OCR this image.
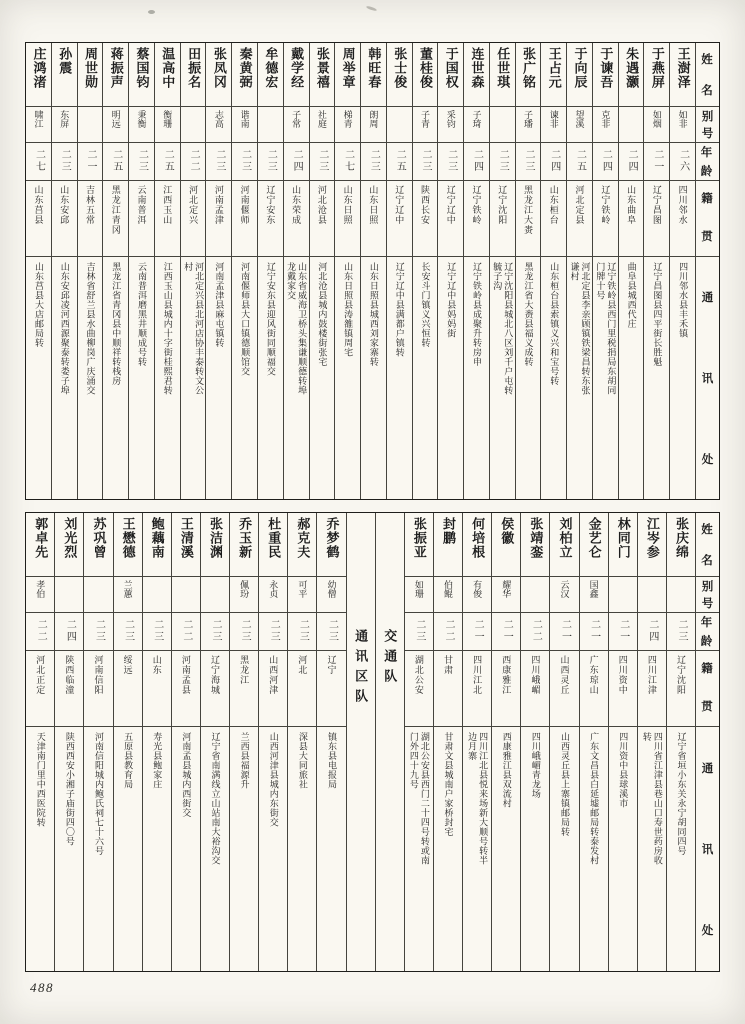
姓
名
别
号
年
龄
籍
贯
通
讯
处
王澍泽
如非
二六
四川邻水
四川邻水县丰禾镇
于燕屏
如烟
二一
辽宁昌图
辽宁昌图县四平街长胜魁
朱遇灏
二四
山东曲阜
曲阜县城西代庄
于谏吾
克非
二四
辽宁铁岭
辽宁铁岭县西门里税捐局东胡同门牌十号
于向辰
望溪
二五
河北定县
河北定县李亲顾镇铁梁昌转东张谦村
王占元
谏非
二四
山东桓台
山东桓台县索镇义兴和宝号转
张广铭
子璠
二三
黑龙江大赉
黑龙江省大赉县福义成转
任世琪
二三
辽宁沈阳
辽宁沈阳县城北八区刘千户屯转毓子沟
连世森
子琦
二四
辽宁铁岭
辽宁铁岭县成聚升转房申
于国权
采钧
二三
辽宁辽中
辽宁辽中县妈妈街
董桂俊
子青
二三
陕西长安
长安斗门镇义兴恒转
张士俊
二五
辽宁辽中
辽宁辽中县满都户镇转
韩旺春
朗周
二三
山东日照
山东日照县城西刘家寨转
周举章
梯青
二七
山东日照
山东日照县涛雒镇周宅
张景禧
社庭
二三
河北沧县
河北沧县城内鼓楼街张宅
戴学经
子常
二四
山东荣成
山东省威海卫桥头集谦顺德转埠龙戴家交
牟德宏
二三
辽宁安东
辽宁安东县迎风街同顺福交
秦黄弼
谐南
二三
河南偃师
河南偃师县大口镇德顺馆交
张凤冈
志高
二三
河南孟津
河南孟津县麻屯镇转
田振名
二二
河北定兴
河北定兴县北河店协丰泰转文公村
温高中
衡珊
二五
江西玉山
江西玉山县城内十字街桂熙君转
蔡国钧
秉衡
二三
云南普洱
云南普洱磨黑井顺成号转
蒋振声
明远
二五
黑龙江青冈
黑龙江省青冈县中顺祥转栈房
周世勋
二一
吉林五常
吉林省舒兰县水曲柳岗广庆涌交
孙震
东屏
二三
山东安邱
山东安邱凌河西源聚泰转娄子埠
庄鸿渚
啸江
二七
山东莒县
山东莒县大店邮局转
姓
名
别
号
年
龄
籍
贯
通
讯
处
张庆绵
二三
辽宁沈阳
辽宁省垣小东关永宁胡同四号
江岑参
二四
四川江津
四川省江津县巷山口寿世药房收转
林同门
二一
四川资中
四川资中县球溪市
金艺仑
国鑫
二一
广东琼山
广东文昌县白延墟邮局转泰发村
刘柏立
云汉
二一
山西灵丘
山西灵丘县上寨镇邮局转
张靖銮
二二
四川峨嵋
四川峨嵋青龙场
侯徽
耀华
二一
西康雅江
西康雅江县双流村
何培根
有俊
二一
四川江北
四川江北县悦来场新大顺号转半边月寨
封鹏
伯鲲
二二
甘肃
甘肃文县城南户家桥封宅
张振亚
如珊
二三
湖北公安
湖北公安县西门二十四号转或南门外四十九号
交通队
通讯区队
乔梦鹤
幼僧
二三
辽宁
镇东县电报局
郝克夫
可平
二三
河北
深县大同旅社
杜重民
永贞
二三
山西河津
山西河津县城内东街交
乔玉新
佩玢
二三
黑龙江
兰西县福源升
张洁渊
二三
辽宁海城
辽宁省南满线立山站南大裕沟交
王清溪
二二
河南孟县
河南孟县城内西街交
鲍藕南
二三
山东
寿光县鲍家庄
王懋德
兰蕙
二三
绥远
五原县教育局
苏巩曾
二三
河南信阳
河南信阳城内鲍氏祠七十六号
刘光烈
二四
陕西临潼
陕西西安小湘子庙街四〇号
郭卓先
孝伯
二二
河北正定
天津南门里中西医院转
488
